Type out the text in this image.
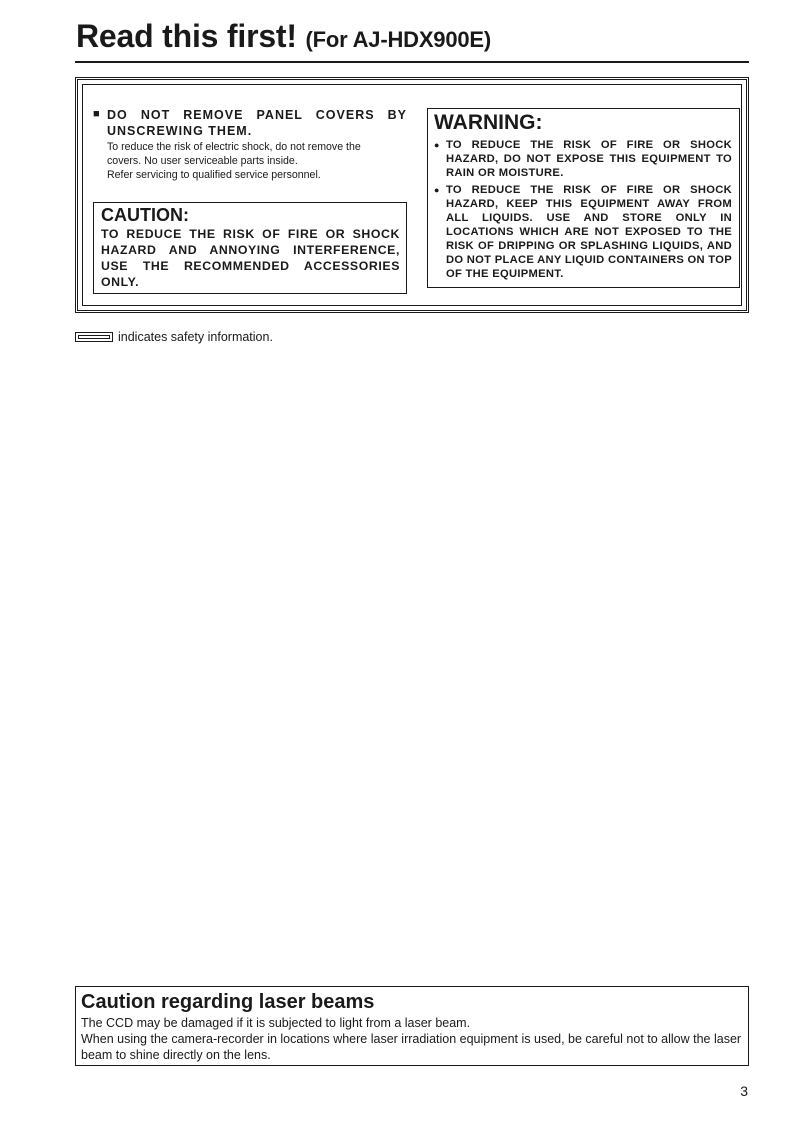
Read this first! (For AJ-HDX900E)
■ DO NOT REMOVE PANEL COVERS BY UNSCREWING THEM.
To reduce the risk of electric shock, do not remove the
covers. No user serviceable parts inside.
Refer servicing to qualified service personnel.
CAUTION:
TO REDUCE THE RISK OF FIRE OR SHOCK HAZARD AND ANNOYING INTERFERENCE, USE THE RECOMMENDED ACCESSORIES ONLY.
WARNING:
● TO REDUCE THE RISK OF FIRE OR SHOCK HAZARD, DO NOT EXPOSE THIS EQUIPMENT TO RAIN OR MOISTURE.
● TO REDUCE THE RISK OF FIRE OR SHOCK HAZARD, KEEP THIS EQUIPMENT AWAY FROM ALL LIQUIDS. USE AND STORE ONLY IN LOCATIONS WHICH ARE NOT EXPOSED TO THE RISK OF DRIPPING OR SPLASHING LIQUIDS, AND DO NOT PLACE ANY LIQUID CONTAINERS ON TOP OF THE EQUIPMENT.
indicates safety information.
Caution regarding laser beams
The CCD may be damaged if it is subjected to light from a laser beam.
When using the camera-recorder in locations where laser irradiation equipment is used, be careful not to allow the laser beam to shine directly on the lens.
3
